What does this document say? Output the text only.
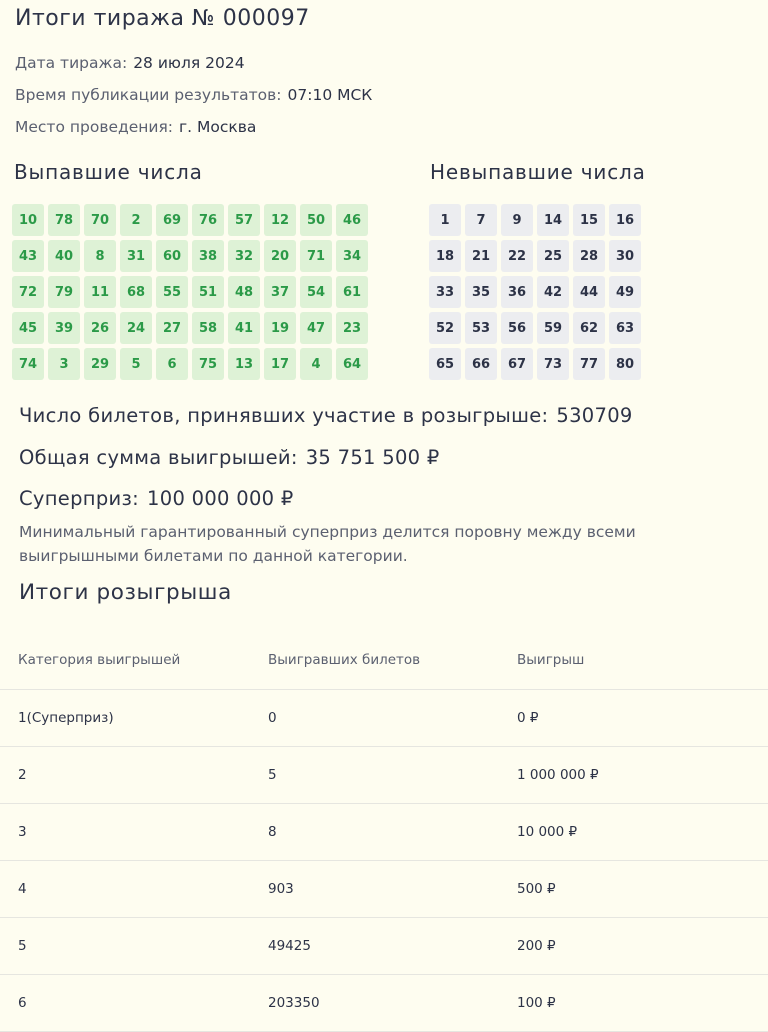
Итоги тиража № 000097
Дата тиража: 28 июля 2024
Время публикации результатов: 07:10 МСК
Место проведения: г. Москва
Выпавшие числа	Невыпавшие числа
10	78	70	2	69	76	57	12	50	46
43	40	8	31	60	38	32	20	71	34
72	79	11	68	55	51	48	37	54	61
45	39	26	24	27	58	41	19	47	23
74	3	29	5	6	75	13	17	4	64
1	7	9	14	15	16
18	21	22	25	28	30
33	35	36	42	44	49
52	53	56	59	62	63
65	66	67	73	77	80
Число билетов, принявших участие в розыгрыше: 530709
Общая сумма выигрышей: 35 751 500 ₽
Суперприз: 100 000 000 ₽
Минимальный гарантированный суперприз делится поровну между всеми выигрышными билетами по данной категории.
Итоги розыгрыша
Категория выигрышей	Выигравших билетов	Выигрыш
1(Суперприз)	0	0 ₽
2	5	1 000 000 ₽
3	8	10 000 ₽
4	903	500 ₽
5	49425	200 ₽
6	203350	100 ₽
